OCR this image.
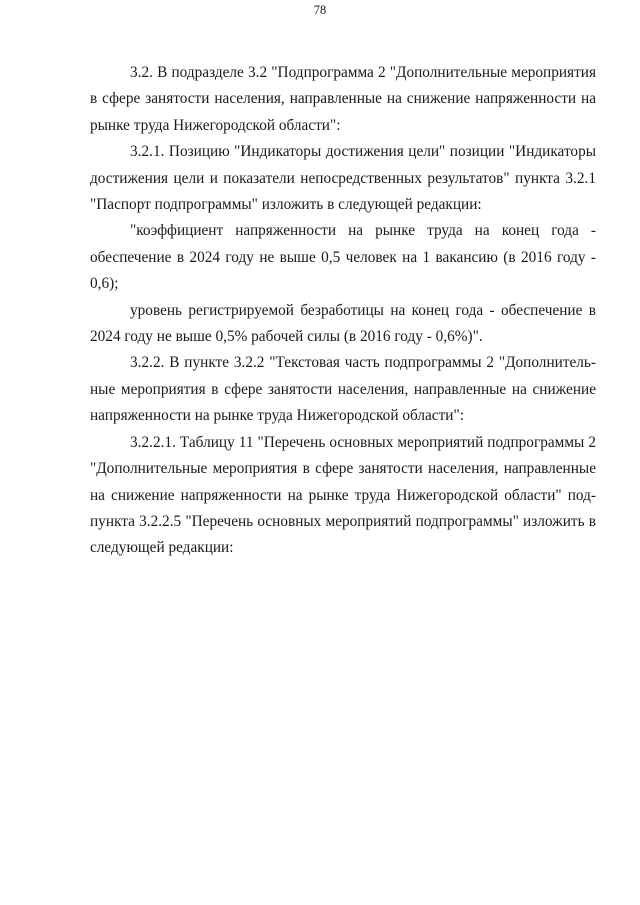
78

3.2. В подразделе 3.2 "Подпрограмма 2 "Дополнительные мероприятия
в сфере занятости населения, направленные на снижение напряженности на
рынке труда Нижегородской области":

3.2.1. Позицию "Индикаторы достижения цели" позиции "Индикаторы
достижения цели и показатели непосредственных результатов" пункта 3.2.1
"Паспорт подпрограммы" изложить в следующей редакции:

"коэффициент напряженности на рынке труда на конец года -
обеспечение в 2024 году не выше 0,5 человек на 1 вакансию (в 2016 году -
0,6);

уровень регистрируемой безработицы на конец года - обеспечение в
2024 году не выше 0,5% рабочей силы (в 2016 году - 0,6%)".

3.2.2. В пункте 3.2.2 "Текстовая часть подпрограммы 2 "Дополнитель-
ные мероприятия в сфере занятости населения, направленные на снижение
напряженности на рынке труда Нижегородской области":

3.2.2.1. Таблицу 11 "Перечень основных мероприятий подпрограммы 2
"Дополнительные мероприятия в сфере занятости населения, направленные
на снижение напряженности на рынке труда Нижегородской области" под-
пункта 3.2.2.5 "Перечень основных мероприятий подпрограммы" изложить в
следующей редакции:
